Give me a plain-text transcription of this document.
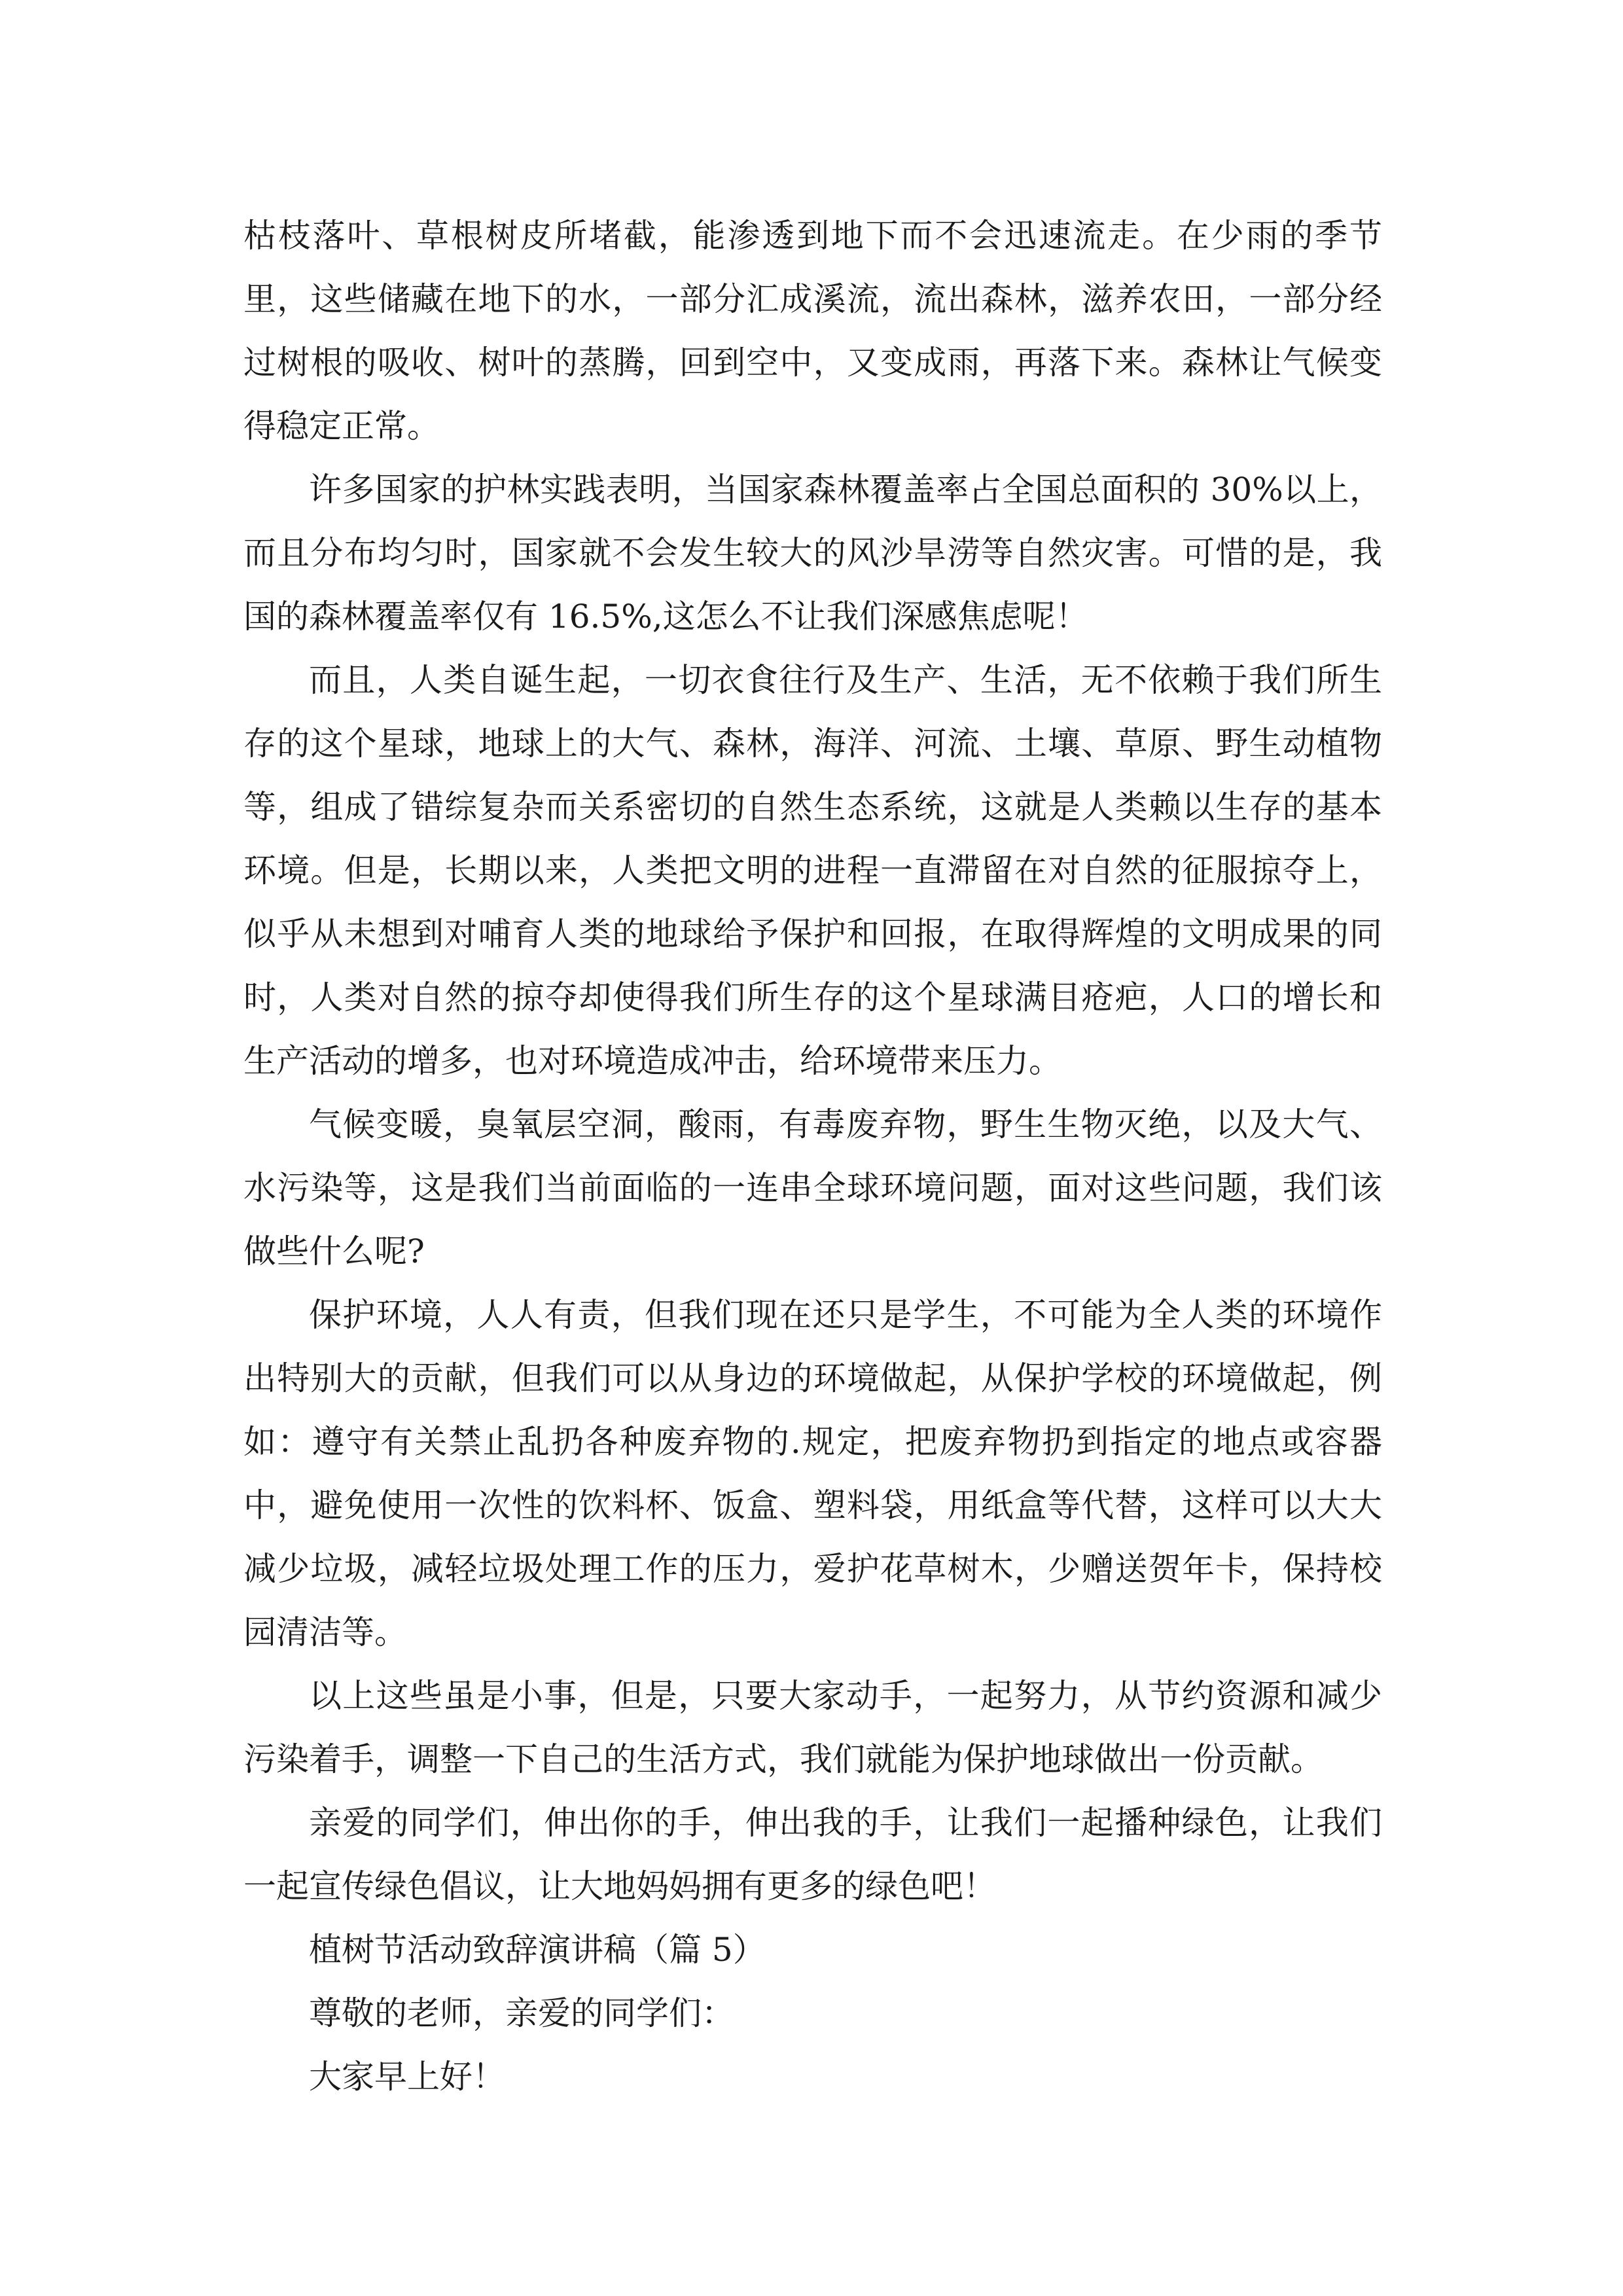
枯枝落叶、草根树皮所堵截，能渗透到地下而不会迅速流走。在少雨的季节里，这些储藏在地下的水，一部分汇成溪流，流出森林，滋养农田，一部分经过树根的吸收、树叶的蒸腾，回到空中，又变成雨，再落下来。森林让气候变得稳定正常。

许多国家的护林实践表明，当国家森林覆盖率占全国总面积的 30%以上，而且分布均匀时，国家就不会发生较大的风沙旱涝等自然灾害。可惜的是，我国的森林覆盖率仅有 16.5%,这怎么不让我们深感焦虑呢！

而且，人类自诞生起，一切衣食往行及生产、生活，无不依赖于我们所生存的这个星球，地球上的大气、森林，海洋、河流、土壤、草原、野生动植物等，组成了错综复杂而关系密切的自然生态系统，这就是人类赖以生存的基本环境。但是，长期以来，人类把文明的进程一直滞留在对自然的征服掠夺上，似乎从未想到对哺育人类的地球给予保护和回报，在取得辉煌的文明成果的同时，人类对自然的掠夺却使得我们所生存的这个星球满目疮疤，人口的增长和生产活动的增多，也对环境造成冲击，给环境带来压力。

气候变暖，臭氧层空洞，酸雨，有毒废弃物，野生生物灭绝，以及大气、水污染等，这是我们当前面临的一连串全球环境问题，面对这些问题，我们该做些什么呢?

保护环境，人人有责，但我们现在还只是学生，不可能为全人类的环境作出特别大的贡献，但我们可以从身边的环境做起，从保护学校的环境做起，例如：遵守有关禁止乱扔各种废弃物的.规定，把废弃物扔到指定的地点或容器中，避免使用一次性的饮料杯、饭盒、塑料袋，用纸盒等代替，这样可以大大减少垃圾，减轻垃圾处理工作的压力，爱护花草树木，少赠送贺年卡，保持校园清洁等。

以上这些虽是小事，但是，只要大家动手，一起努力，从节约资源和减少污染着手，调整一下自己的生活方式，我们就能为保护地球做出一份贡献。

亲爱的同学们，伸出你的手，伸出我的手，让我们一起播种绿色，让我们一起宣传绿色倡议，让大地妈妈拥有更多的绿色吧！

植树节活动致辞演讲稿（篇 5）

尊敬的老师，亲爱的同学们：

大家早上好！
